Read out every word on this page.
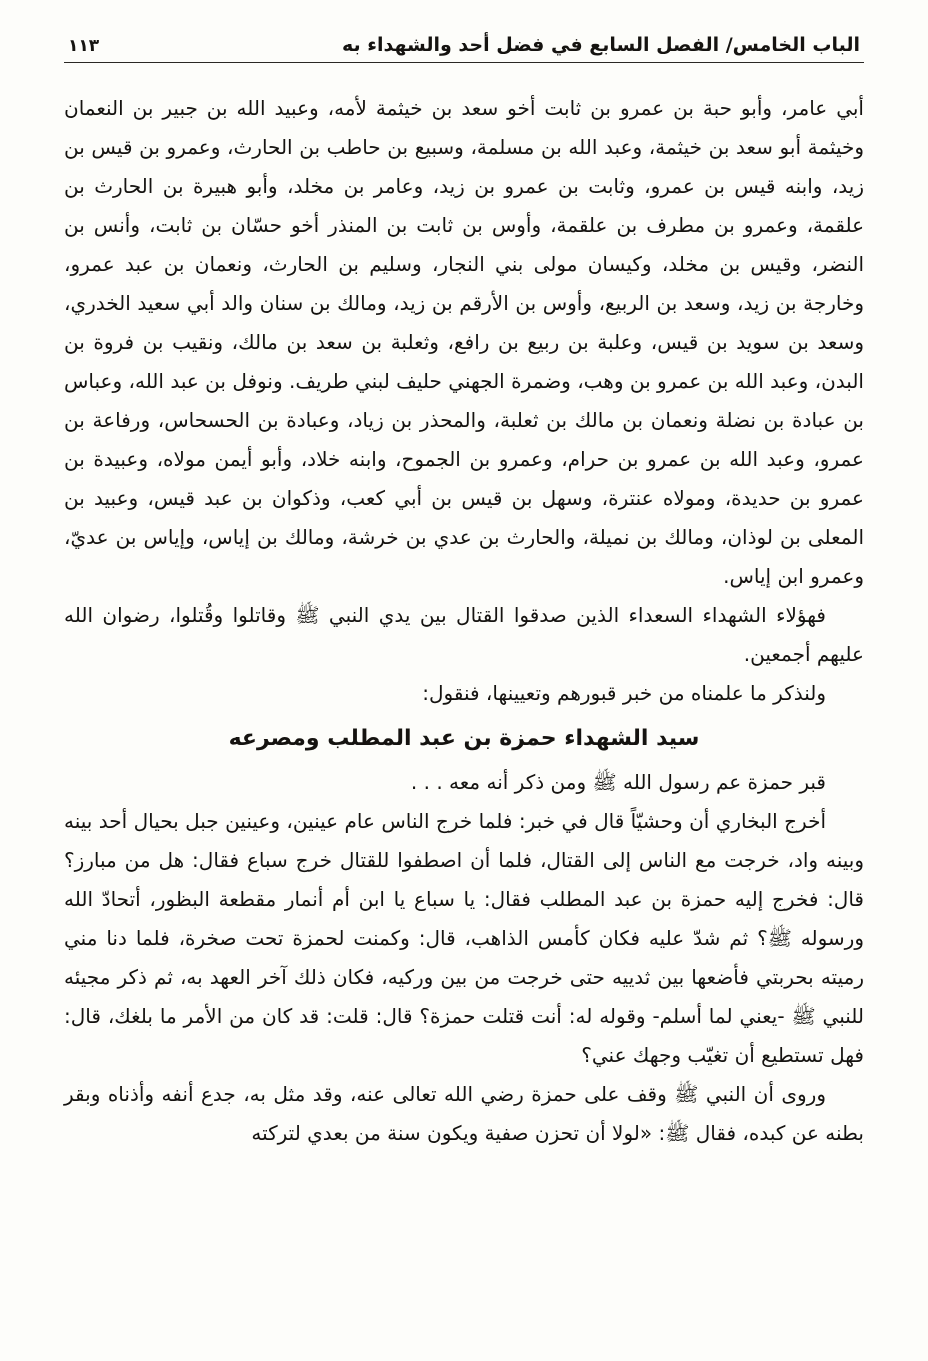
الباب الخامس/ الفصل السابع في فضل أحد والشهداء به
١١٣

أبي عامر، وأبو حبة بن عمرو بن ثابت أخو سعد بن خيثمة لأمه، وعبيد الله بن جبير بن النعمان وخيثمة أبو سعد بن خيثمة، وعبد الله بن مسلمة، وسبيع بن حاطب بن الحارث، وعمرو بن قيس بن زيد، وابنه قيس بن عمرو، وثابت بن عمرو بن زيد، وعامر بن مخلد، وأبو هبيرة بن الحارث بن علقمة، وعمرو بن مطرف بن علقمة، وأوس بن ثابت بن المنذر أخو حسّان بن ثابت، وأنس بن النضر، وقيس بن مخلد، وكيسان مولى بني النجار، وسليم بن الحارث، ونعمان بن عبد عمرو، وخارجة بن زيد، وسعد بن الربيع، وأوس بن الأرقم بن زيد، ومالك بن سنان والد أبي سعيد الخدري، وسعد بن سويد بن قيس، وعلبة بن ربيع بن رافع، وثعلبة بن سعد بن مالك، ونقيب بن فروة بن البدن، وعبد الله بن عمرو بن وهب، وضمرة الجهني حليف لبني طريف. ونوفل بن عبد الله، وعباس بن عبادة بن نضلة ونعمان بن مالك بن ثعلبة، والمحذر بن زياد، وعبادة بن الحسحاس، ورفاعة بن عمرو، وعبد الله بن عمرو بن حرام، وعمرو بن الجموح، وابنه خلاد، وأبو أيمن مولاه، وعبيدة بن عمرو بن حديدة، ومولاه عنترة، وسهل بن قيس بن أبي كعب، وذكوان بن عبد قيس، وعبيد بن المعلى بن لوذان، ومالك بن نميلة، والحارث بن عدي بن خرشة، ومالك بن إياس، وإياس بن عديّ، وعمرو ابن إياس.

فهؤلاء الشهداء السعداء الذين صدقوا القتال بين يدي النبي ﷺ وقاتلوا وقُتلوا، رضوان الله عليهم أجمعين.

ولنذكر ما علمناه من خبر قبورهم وتعيينها، فنقول:

سيد الشهداء حمزة بن عبد المطلب ومصرعه

قبر حمزة عم رسول الله ﷺ ومن ذكر أنه معه . . .

أخرج البخاري أن وحشيّاً قال في خبر: فلما خرج الناس عام عينين، وعينين جبل بحيال أحد بينه وبينه واد، خرجت مع الناس إلى القتال، فلما أن اصطفوا للقتال خرج سباع فقال: هل من مبارز؟ قال: فخرج إليه حمزة بن عبد المطلب فقال: يا سباع يا ابن أم أنمار مقطعة البظور، أتحادّ الله ورسوله ﷺ؟ ثم شدّ عليه فكان كأمس الذاهب، قال: وكمنت لحمزة تحت صخرة، فلما دنا مني رميته بحربتي فأضعها بين ثدييه حتى خرجت من بين وركيه، فكان ذلك آخر العهد به، ثم ذكر مجيئه للنبي ﷺ -يعني لما أسلم- وقوله له: أنت قتلت حمزة؟ قال: قلت: قد كان من الأمر ما بلغك، قال: فهل تستطيع أن تغيّب وجهك عني؟

وروى أن النبي ﷺ وقف على حمزة رضي الله تعالى عنه، وقد مثل به، جدع أنفه وأذناه وبقر بطنه عن كبده، فقال ﷺ: «لولا أن تحزن صفية ويكون سنة من بعدي لتركته
